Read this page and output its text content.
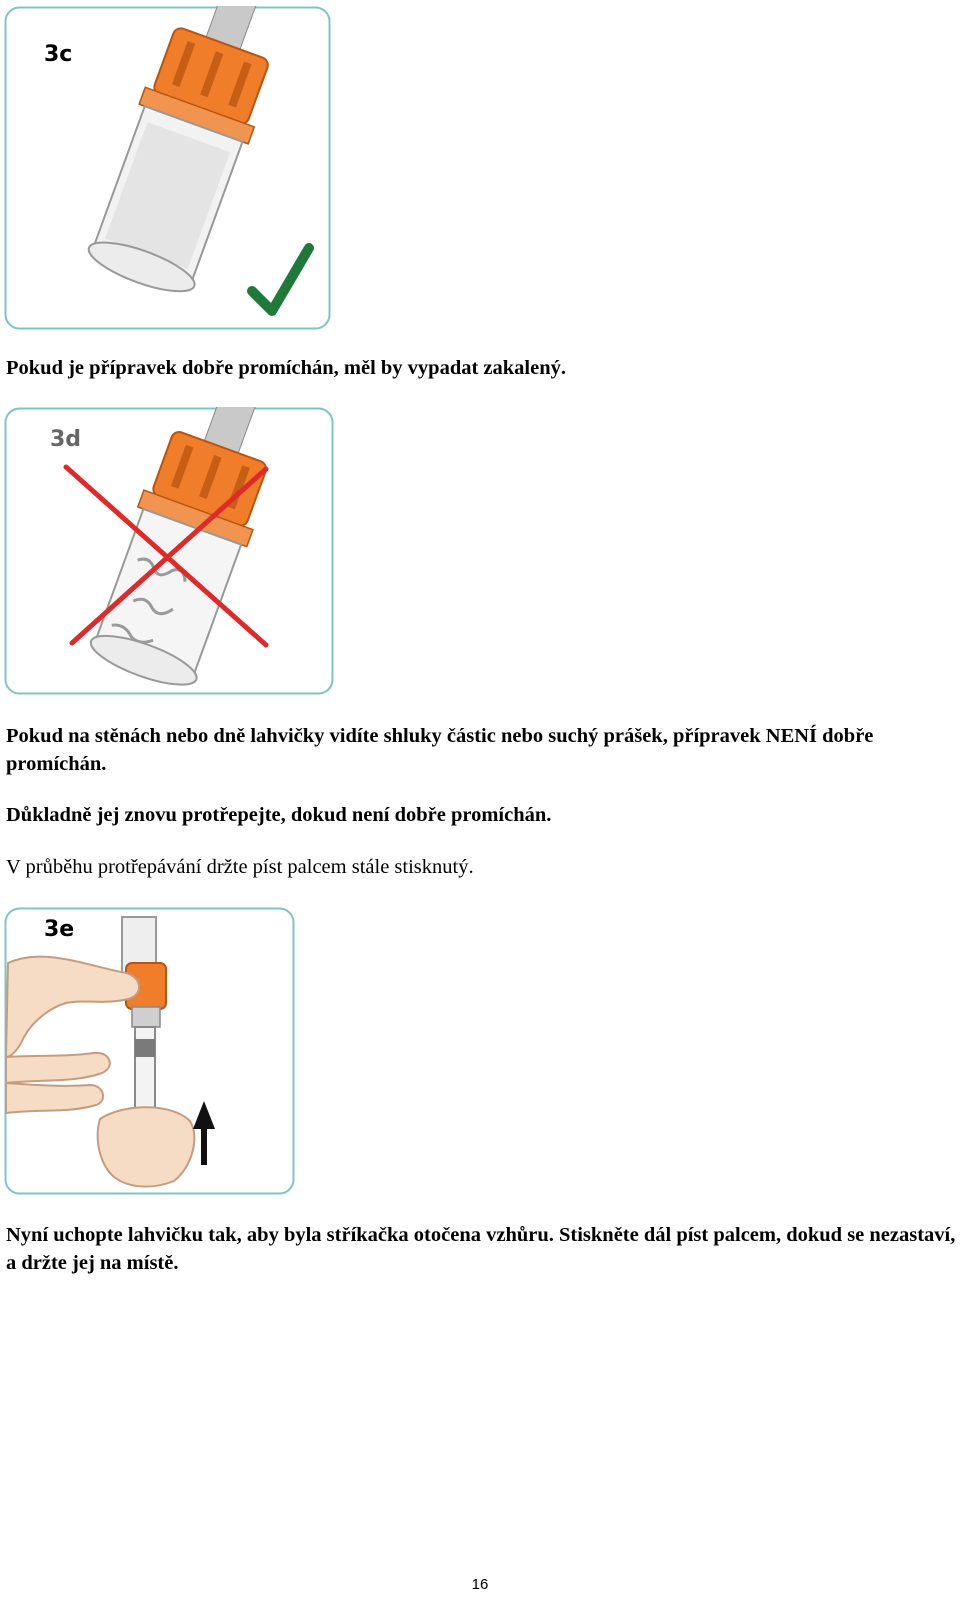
3c

Pokud je přípravek dobře promíchán, měl by vypadat zakalený.

3d

Pokud na stěnách nebo dně lahvičky vidíte shluky částic nebo suchý prášek, přípravek NENÍ dobře promíchán.

Důkladně jej znovu protřepejte, dokud není dobře promíchán.

V průběhu protřepávání držte píst palcem stále stisknutý.

3e

Nyní uchopte lahvičku tak, aby byla stříkačka otočena vzhůru. Stiskněte dál píst palcem, dokud se nezastaví, a držte jej na místě.

16
